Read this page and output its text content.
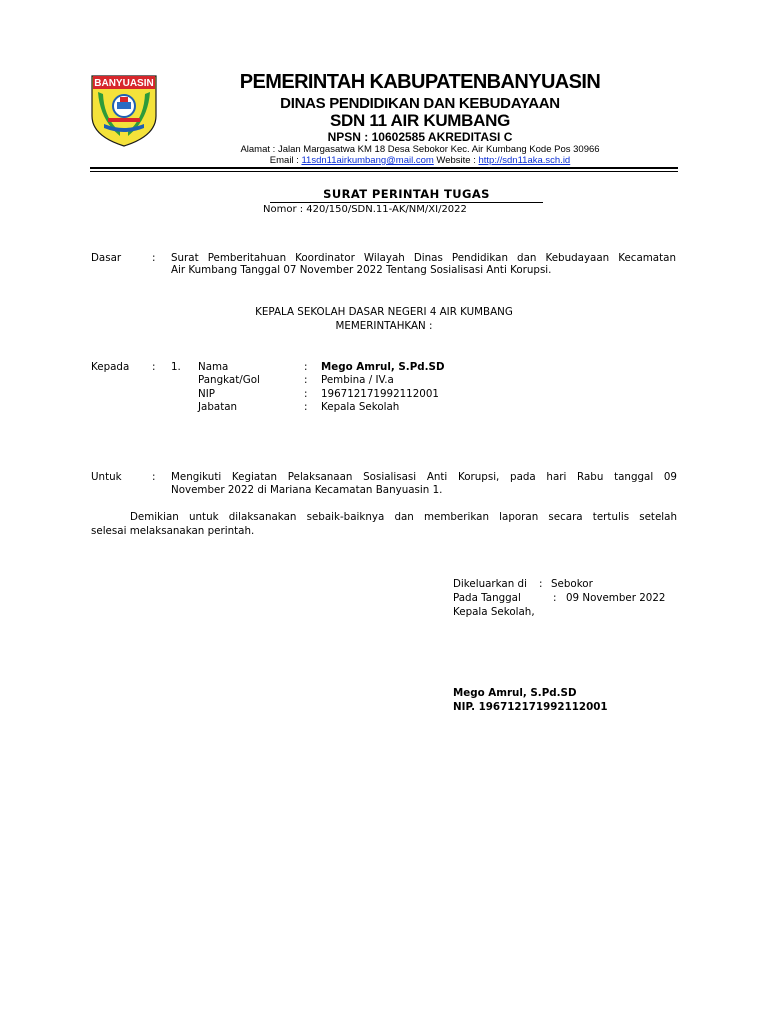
BANYUASIN	PEMERINTAH KABUPATENBANYUASIN
DINAS PENDIDIKAN DAN KEBUDAYAAN
SDN 11 AIR KUMBANG
NPSN : 10602585 AKREDITASI C
Alamat : Jalan Margasatwa KM 18 Desa Sebokor Kec. Air Kumbang Kode Pos 30966
Email : 11sdn11airkumbang@mail.com Website : http://sdn11aka.sch.id
SURAT PERINTAH TUGAS
Nomor : 420/150/SDN.11-AK/NM/XI/2022
Dasar	: Surat Pemberitahuan Koordinator Wilayah Dinas Pendidikan dan Kebudayaan Kecamatan
Air Kumbang Tanggal 07 November 2022 Tentang Sosialisasi Anti Korupsi.
KEPALA SEKOLAH DASAR NEGERI 4 AIR KUMBANG
MEMERINTAHKAN :
Kepada : 1. Nama	: Mego Amrul, S.Pd.SD
Pangkat/Gol	: Pembina / IV.a
NIP	: 196712171992112001
Jabatan	: Kepala Sekolah
Untuk	: Mengikuti Kegiatan Pelaksanaan Sosialisasi Anti Korupsi, pada hari Rabu tanggal 09
November 2022 di Mariana Kecamatan Banyuasin 1.
Demikian untuk dilaksanakan sebaik-baiknya dan memberikan laporan secara tertulis setelah
selesai melaksanakan perintah.
Dikeluarkan di : Sebokor
Pada Tanggal	: 09 November 2022
Kepala Sekolah,
Mego Amrul, S.Pd.SD
NIP. 196712171992112001
